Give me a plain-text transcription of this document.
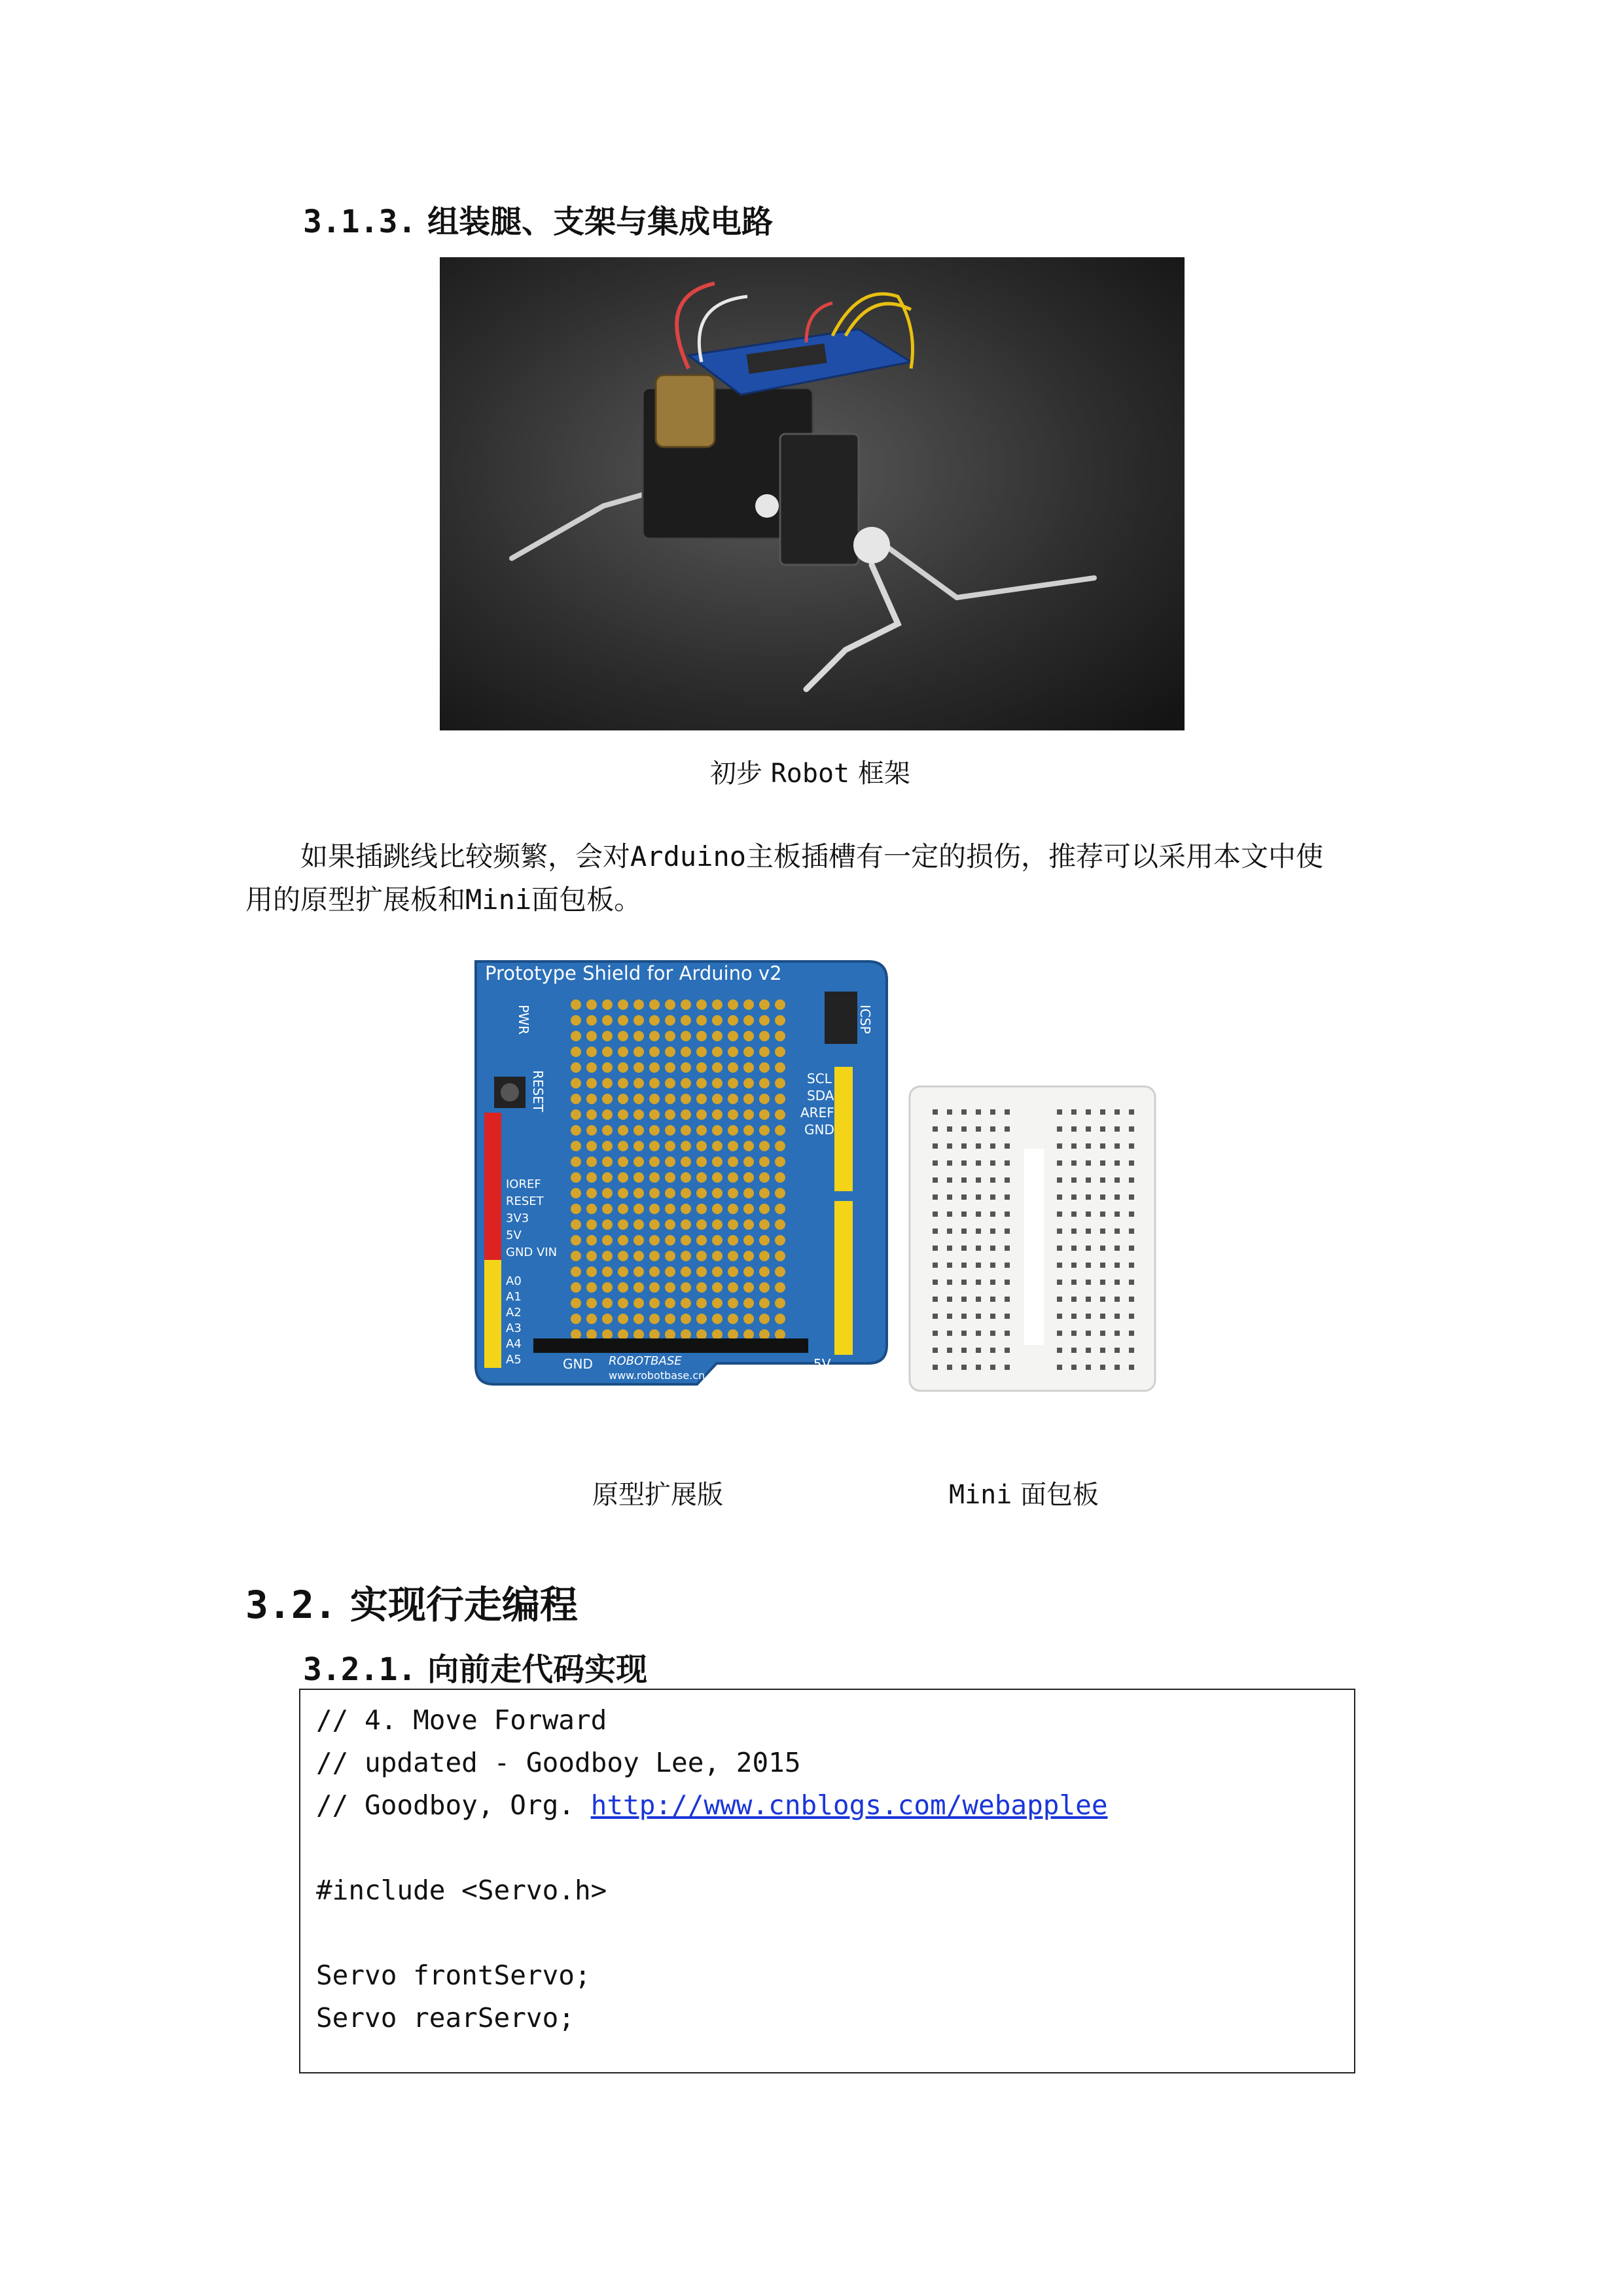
3.1.3. 组装腿、支架与集成电路
初步 Robot 框架
如果插跳线比较频繁，会对Arduino主板插槽有一定的损伤，推荐可以采用本文中使
用的原型扩展板和Mini面包板。
Prototype Shield for Arduino v2
PWR
RESET
ICSP
SCL
SDA
AREF
GND
IOREF
RESET
3V3
5V
GND VIN
A0
A1
A2
A3
A4
A5	GND	5V
ROBOTBASE
www.robotbase.cn
原型扩展版	Mini 面包板
3.2. 实现行走编程
3.2.1. 向前走代码实现
// 4. Move Forward
// updated - Goodboy Lee, 2015
// Goodboy, Org. http://www.cnblogs.com/webapplee
#include <Servo.h>
Servo frontServo;
Servo rearServo;
